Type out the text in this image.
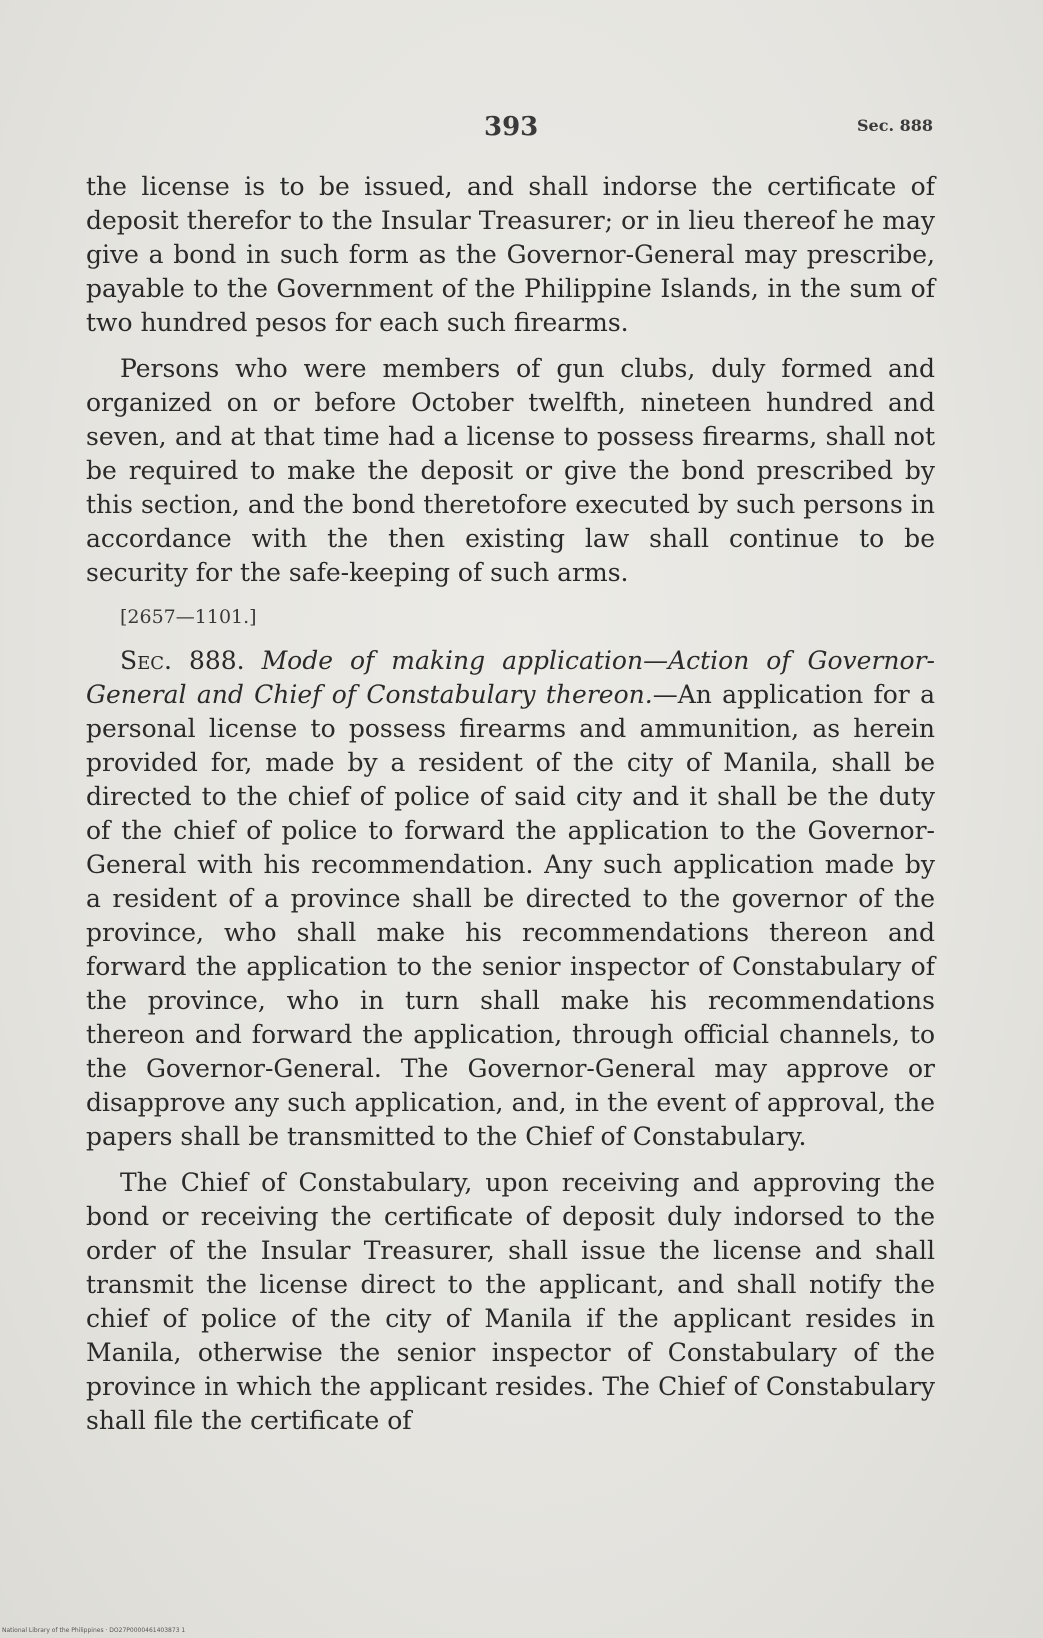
393	Sec. 888

the license is to be issued, and shall indorse the certificate of deposit therefor to the Insular Treasurer; or in lieu thereof he may give a bond in such form as the Governor-General may prescribe, payable to the Government of the Philippine Islands, in the sum of two hundred pesos for each such firearms.

Persons who were members of gun clubs, duly formed and organized on or before October twelfth, nineteen hundred and seven, and at that time had a license to possess firearms, shall not be required to make the deposit or give the bond prescribed by this section, and the bond theretofore executed by such persons in accordance with the then existing law shall continue to be security for the safe-keeping of such arms.

[2657—1101.]

Sec. 888. Mode of making application—Action of Governor-General and Chief of Constabulary thereon.—An application for a personal license to possess firearms and ammunition, as herein provided for, made by a resident of the city of Manila, shall be directed to the chief of police of said city and it shall be the duty of the chief of police to forward the application to the Governor-General with his recommendation. Any such application made by a resident of a province shall be directed to the governor of the province, who shall make his recommendations thereon and forward the application to the senior inspector of Constabulary of the province, who in turn shall make his recommendations thereon and forward the application, through official channels, to the Governor-General. The Governor-General may approve or disapprove any such application, and, in the event of approval, the papers shall be transmitted to the Chief of Constabulary.

The Chief of Constabulary, upon receiving and approving the bond or receiving the certificate of deposit duly indorsed to the order of the Insular Treasurer, shall issue the license and shall transmit the license direct to the applicant, and shall notify the chief of police of the city of Manila if the applicant resides in Manila, otherwise the senior inspector of Constabulary of the province in which the applicant resides. The Chief of Constabulary shall file the certificate of

National Library of the Philippines · DO27P0000461403873 1
